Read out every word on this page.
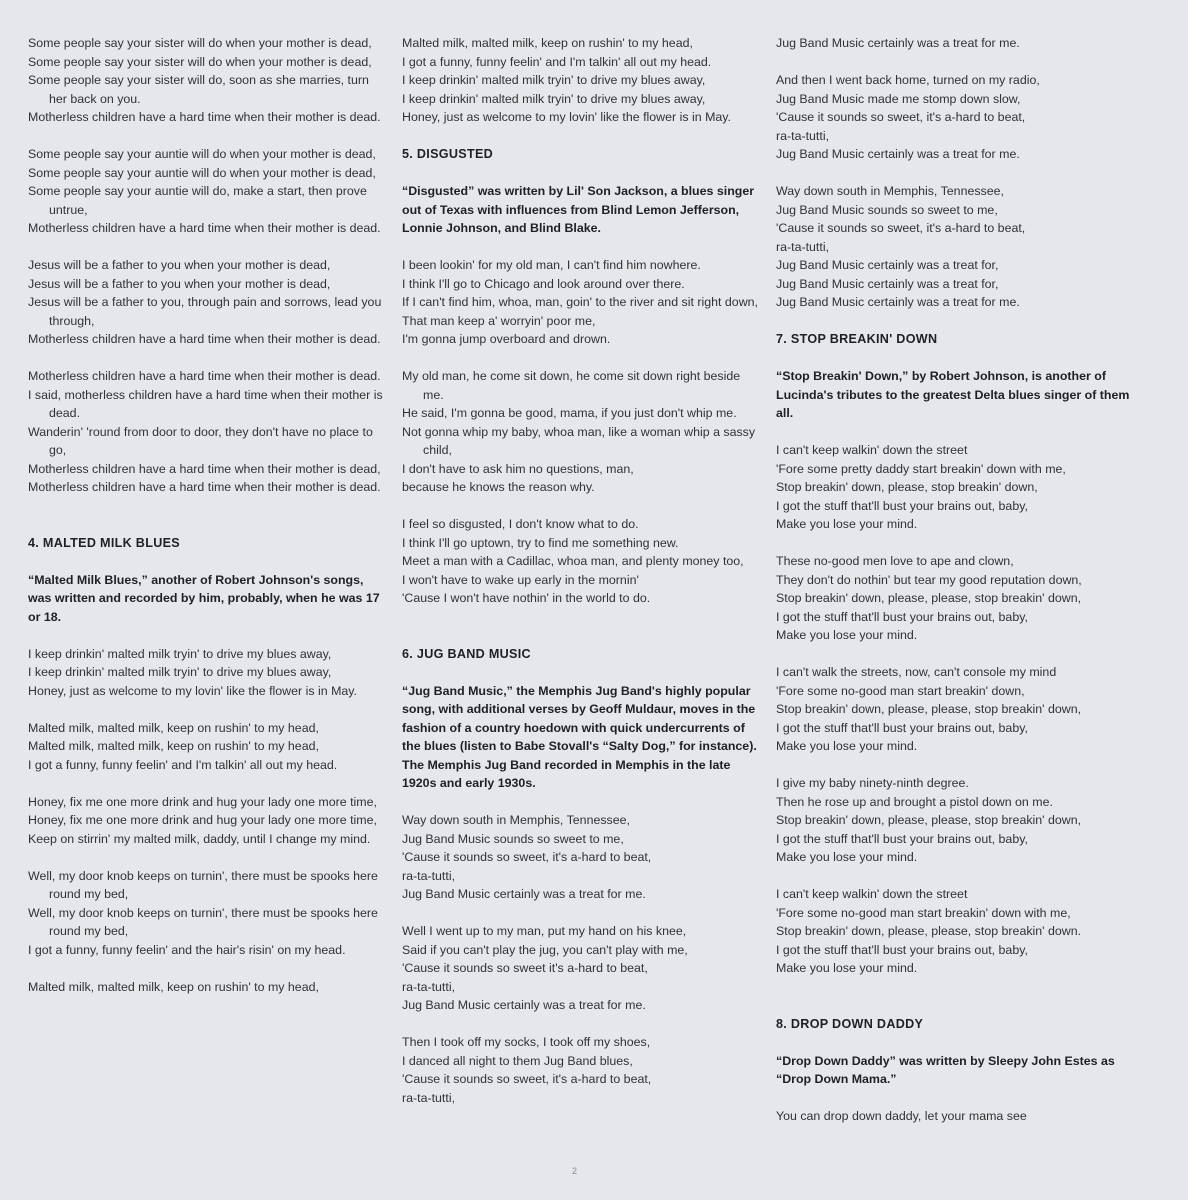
Some people say your sister will do when your mother is dead,
Some people say your sister will do when your mother is dead,
Some people say your sister will do, soon as she marries, turn her back on you.
Motherless children have a hard time when their mother is dead.
Some people say your auntie will do when your mother is dead,
Some people say your auntie will do when your mother is dead,
Some people say your auntie will do, make a start, then prove untrue,
Motherless children have a hard time when their mother is dead.
Jesus will be a father to you when your mother is dead,
Jesus will be a father to you when your mother is dead,
Jesus will be a father to you, through pain and sorrows, lead you through,
Motherless children have a hard time when their mother is dead.
Motherless children have a hard time when their mother is dead.
I said, motherless children have a hard time when their mother is dead.
Wanderin' 'round from door to door, they don't have no place to go,
Motherless children have a hard time when their mother is dead,
Motherless children have a hard time when their mother is dead.
4. MALTED MILK BLUES
“Malted Milk Blues,” another of Robert Johnson's songs, was written and recorded by him, probably, when he was 17 or 18.
I keep drinkin' malted milk tryin' to drive my blues away,
I keep drinkin' malted milk tryin' to drive my blues away,
Honey, just as welcome to my lovin' like the flower is in May.
Malted milk, malted milk, keep on rushin' to my head,
Malted milk, malted milk, keep on rushin' to my head,
I got a funny, funny feelin' and I'm talkin' all out my head.
Honey, fix me one more drink and hug your lady one more time,
Honey, fix me one more drink and hug your lady one more time,
Keep on stirrin' my malted milk, daddy, until I change my mind.
Well, my door knob keeps on turnin', there must be spooks here round my bed,
Well, my door knob keeps on turnin', there must be spooks here round my bed,
I got a funny, funny feelin' and the hair's risin' on my head.
Malted milk, malted milk, keep on rushin' to my head,
Malted milk, malted milk, keep on rushin' to my head,
I got a funny, funny feelin' and I'm talkin' all out my head.
I keep drinkin' malted milk tryin' to drive my blues away,
I keep drinkin' malted milk tryin' to drive my blues away,
Honey, just as welcome to my lovin' like the flower is in May.
5. DISGUSTED
“Disgusted” was written by Lil' Son Jackson, a blues singer out of Texas with influences from Blind Lemon Jefferson, Lonnie Johnson, and Blind Blake.
I been lookin' for my old man, I can't find him nowhere.
I think I'll go to Chicago and look around over there.
If I can't find him, whoa, man, goin' to the river and sit right down,
That man keep a' worryin' poor me,
I'm gonna jump overboard and drown.
My old man, he come sit down, he come sit down right beside me.
He said, I'm gonna be good, mama, if you just don't whip me.
Not gonna whip my baby, whoa man, like a woman whip a sassy child,
I don't have to ask him no questions, man,
because he knows the reason why.
I feel so disgusted, I don't know what to do.
I think I'll go uptown, try to find me something new.
Meet a man with a Cadillac, whoa man, and plenty money too,
I won't have to wake up early in the mornin'
'Cause I won't have nothin' in the world to do.
6. JUG BAND MUSIC
“Jug Band Music,” the Memphis Jug Band's highly popular song, with additional verses by Geoff Muldaur, moves in the fashion of a country hoedown with quick undercurrents of the blues (listen to Babe Stovall's “Salty Dog,” for instance). The Memphis Jug Band recorded in Memphis in the late 1920s and early 1930s.
Way down south in Memphis, Tennessee,
Jug Band Music sounds so sweet to me,
'Cause it sounds so sweet, it's a-hard to beat,
ra-ta-tutti,
Jug Band Music certainly was a treat for me.
Well I went up to my man, put my hand on his knee,
Said if you can't play the jug, you can't play with me,
'Cause it sounds so sweet it's a-hard to beat,
ra-ta-tutti,
Jug Band Music certainly was a treat for me.
Then I took off my socks, I took off my shoes,
I danced all night to them Jug Band blues,
'Cause it sounds so sweet, it's a-hard to beat,
ra-ta-tutti,
Jug Band Music certainly was a treat for me.
And then I went back home, turned on my radio,
Jug Band Music made me stomp down slow,
'Cause it sounds so sweet, it's a-hard to beat,
ra-ta-tutti,
Jug Band Music certainly was a treat for me.
Way down south in Memphis, Tennessee,
Jug Band Music sounds so sweet to me,
'Cause it sounds so sweet, it's a-hard to beat,
ra-ta-tutti,
Jug Band Music certainly was a treat for,
Jug Band Music certainly was a treat for,
Jug Band Music certainly was a treat for me.
7. STOP BREAKIN' DOWN
“Stop Breakin' Down,” by Robert Johnson, is another of Lucinda's tributes to the greatest Delta blues singer of them all.
I can't keep walkin' down the street
'Fore some pretty daddy start breakin' down with me,
Stop breakin' down, please, stop breakin' down,
I got the stuff that'll bust your brains out, baby,
Make you lose your mind.
These no-good men love to ape and clown,
They don't do nothin' but tear my good reputation down,
Stop breakin' down, please, please, stop breakin' down,
I got the stuff that'll bust your brains out, baby,
Make you lose your mind.
I can't walk the streets, now, can't console my mind
'Fore some no-good man start breakin' down,
Stop breakin' down, please, please, stop breakin' down,
I got the stuff that'll bust your brains out, baby,
Make you lose your mind.
I give my baby ninety-ninth degree.
Then he rose up and brought a pistol down on me.
Stop breakin' down, please, please, stop breakin' down,
I got the stuff that'll bust your brains out, baby,
Make you lose your mind.
I can't keep walkin' down the street
'Fore some no-good man start breakin' down with me,
Stop breakin' down, please, please, stop breakin' down.
I got the stuff that'll bust your brains out, baby,
Make you lose your mind.
8. DROP DOWN DADDY
“Drop Down Daddy” was written by Sleepy John Estes as “Drop Down Mama.”
You can drop down daddy, let your mama see
2
